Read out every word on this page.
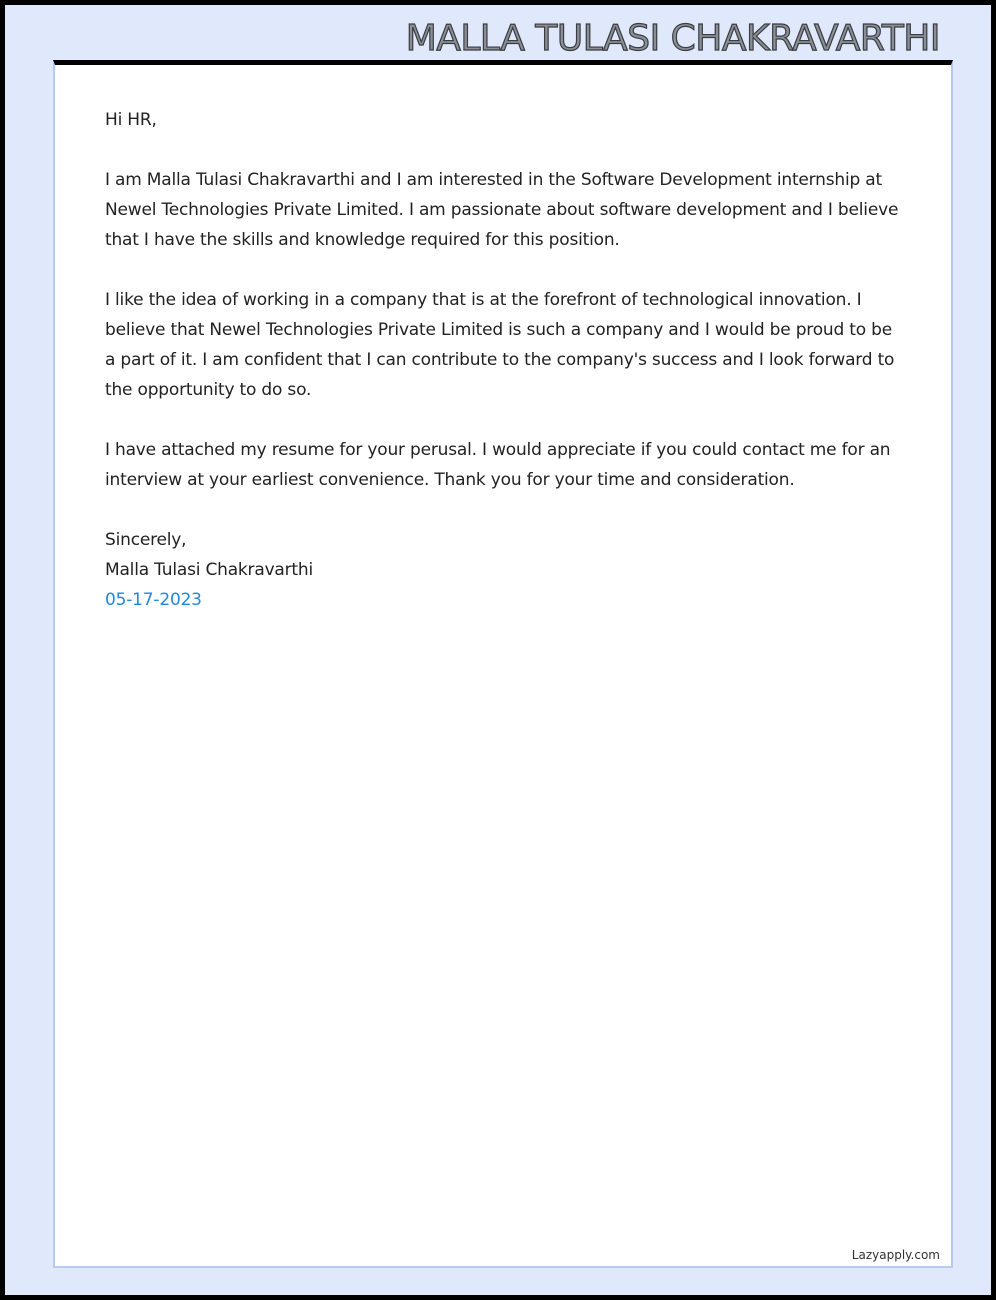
MALLA TULASI CHAKRAVARTHI

Hi HR,

I am Malla Tulasi Chakravarthi and I am interested in the Software Development internship at Newel Technologies Private Limited. I am passionate about software development and I believe that I have the skills and knowledge required for this position.

I like the idea of working in a company that is at the forefront of technological innovation. I believe that Newel Technologies Private Limited is such a company and I would be proud to be a part of it. I am confident that I can contribute to the company's success and I look forward to the opportunity to do so.

I have attached my resume for your perusal. I would appreciate if you could contact me for an interview at your earliest convenience. Thank you for your time and consideration.

Sincerely,

Malla Tulasi Chakravarthi

05-17-2023

Lazyapply.com
